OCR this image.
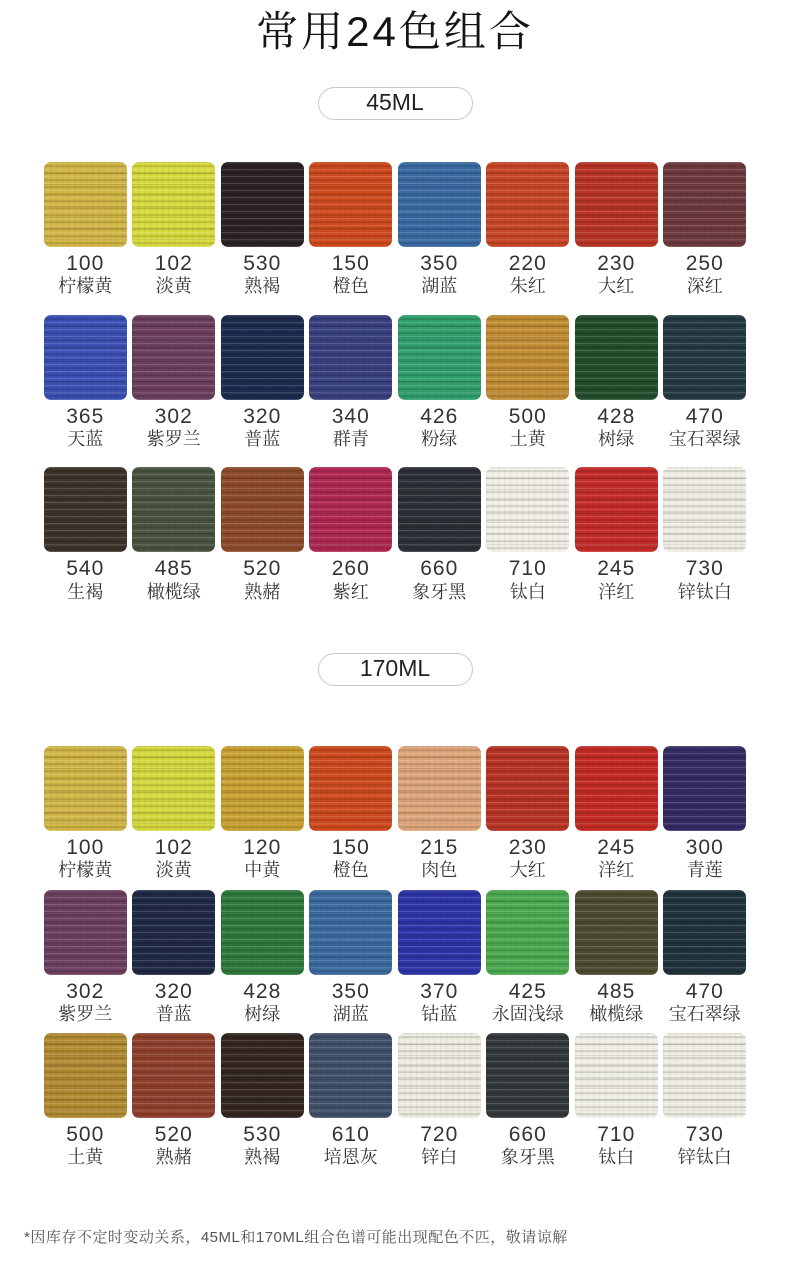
常用24色组合
45ML
100
柠檬黄
102
淡黄
530
熟褐
150
橙色
350
湖蓝
220
朱红
230
大红
250
深红
365
天蓝
302
紫罗兰
320
普蓝
340
群青
426
粉绿
500
土黄
428
树绿
470
宝石翠绿
540
生褐
485
橄榄绿
520
熟赭
260
紫红
660
象牙黑
710
钛白
245
洋红
730
锌钛白
170ML
100
柠檬黄
102
淡黄
120
中黄
150
橙色
215
肉色
230
大红
245
洋红
300
青莲
302
紫罗兰
320
普蓝
428
树绿
350
湖蓝
370
钴蓝
425
永固浅绿
485
橄榄绿
470
宝石翠绿
500
土黄
520
熟赭
530
熟褐
610
培恩灰
720
锌白
660
象牙黑
710
钛白
730
锌钛白
*因库存不定时变动关系，45ML和170ML组合色谱可能出现配色不匹，敬请谅解
